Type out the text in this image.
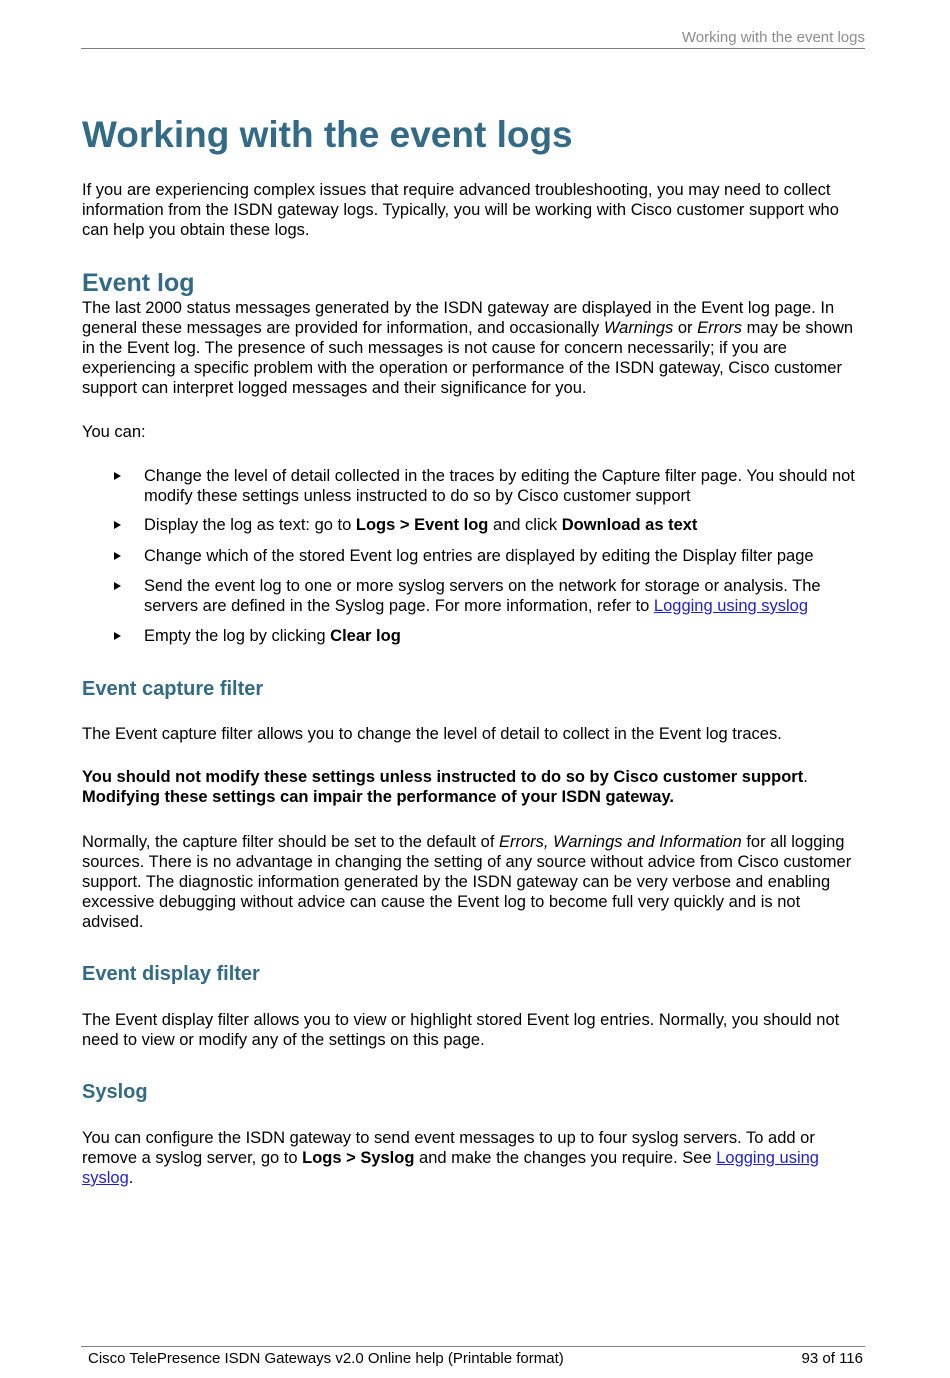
Working with the event logs
Working with the event logs

If you are experiencing complex issues that require advanced troubleshooting, you may need to collect information from the ISDN gateway logs. Typically, you will be working with Cisco customer support who can help you obtain these logs.

Event log

The last 2000 status messages generated by the ISDN gateway are displayed in the Event log page. In general these messages are provided for information, and occasionally Warnings or Errors may be shown in the Event log. The presence of such messages is not cause for concern necessarily; if you are experiencing a specific problem with the operation or performance of the ISDN gateway, Cisco customer support can interpret logged messages and their significance for you.

You can:

Change the level of detail collected in the traces by editing the Capture filter page. You should not modify these settings unless instructed to do so by Cisco customer support
Display the log as text: go to Logs > Event log and click Download as text
Change which of the stored Event log entries are displayed by editing the Display filter page
Send the event log to one or more syslog servers on the network for storage or analysis. The servers are defined in the Syslog page. For more information, refer to Logging using syslog
Empty the log by clicking Clear log
Event capture filter

The Event capture filter allows you to change the level of detail to collect in the Event log traces.

You should not modify these settings unless instructed to do so by Cisco customer support.
Modifying these settings can impair the performance of your ISDN gateway.

Normally, the capture filter should be set to the default of Errors, Warnings and Information for all logging sources. There is no advantage in changing the setting of any source without advice from Cisco customer support. The diagnostic information generated by the ISDN gateway can be very verbose and enabling excessive debugging without advice can cause the Event log to become full very quickly and is not advised.

Event display filter

The Event display filter allows you to view or highlight stored Event log entries. Normally, you should not need to view or modify any of the settings on this page.

Syslog

You can configure the ISDN gateway to send event messages to up to four syslog servers. To add or remove a syslog server, go to Logs > Syslog and make the changes you require. See Logging using syslog.

Cisco TelePresence ISDN Gateways v2.0 Online help (Printable format)	93 of 116
